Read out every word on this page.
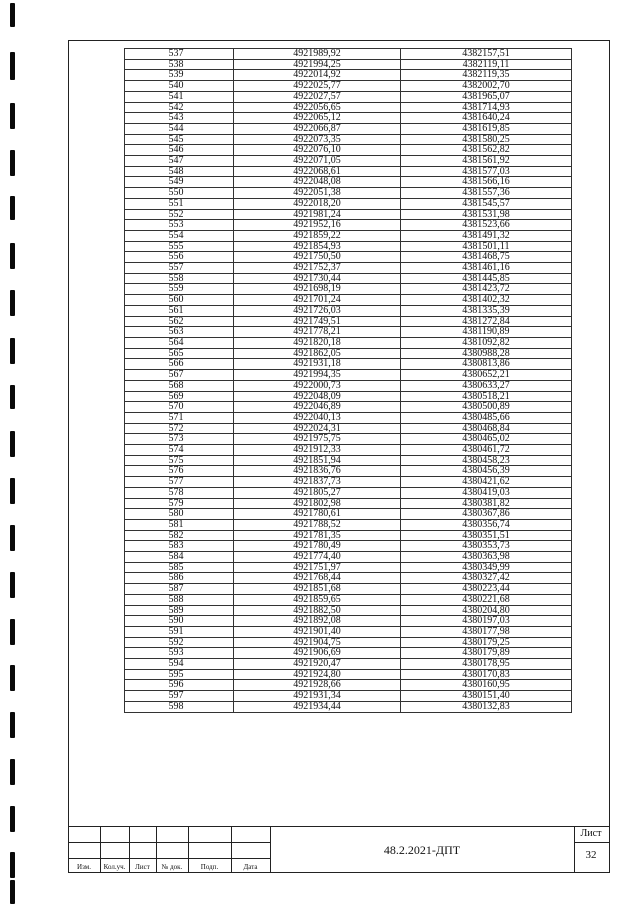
537	4921989,92	4382157,51
538	4921994,25	4382119,11
539	4922014,92	4382119,35
540	4922025,77	4382002,70
541	4922027,57	4381965,07
542	4922056,65	4381714,93
543	4922065,12	4381640,24
544	4922066,87	4381619,85
545	4922073,35	4381580,25
546	4922076,10	4381562,82
547	4922071,05	4381561,92
548	4922068,61	4381577,03
549	4922048,08	4381566,16
550	4922051,38	4381557,36
551	4922018,20	4381545,57
552	4921981,24	4381531,98
553	4921952,16	4381523,66
554	4921859,22	4381491,32
555	4921854,93	4381501,11
556	4921750,50	4381468,75
557	4921752,37	4381461,16
558	4921730,44	4381445,85
559	4921698,19	4381423,72
560	4921701,24	4381402,32
561	4921726,03	4381335,39
562	4921749,51	4381272,84
563	4921778,21	4381190,89
564	4921820,18	4381092,82
565	4921862,05	4380988,28
566	4921931,18	4380813,86
567	4921994,35	4380652,21
568	4922000,73	4380633,27
569	4922048,09	4380518,21
570	4922046,89	4380500,89
571	4922040,13	4380485,66
572	4922024,31	4380468,84
573	4921975,75	4380465,02
574	4921912,33	4380461,72
575	4921851,94	4380458,23
576	4921836,76	4380456,39
577	4921837,73	4380421,62
578	4921805,27	4380419,03
579	4921802,98	4380381,82
580	4921780,61	4380367,86
581	4921788,52	4380356,74
582	4921781,35	4380351,51
583	4921780,49	4380353,73
584	4921774,40	4380363,98
585	4921751,97	4380349,99
586	4921768,44	4380327,42
587	4921851,68	4380223,44
588	4921859,65	4380221,68
589	4921882,50	4380204,80
590	4921892,08	4380197,03
591	4921901,40	4380177,98
592	4921904,75	4380179,25
593	4921906,69	4380179,89
594	4921920,47	4380178,95
595	4921924,80	4380170,83
596	4921928,66	4380160,95
597	4921931,34	4380151,40
598	4921934,44	4380132,83
Изм.	Кол.уч.	Лист	№ док.	Подп.	Дата
48.2.2021-ДПТ
Лист
32
